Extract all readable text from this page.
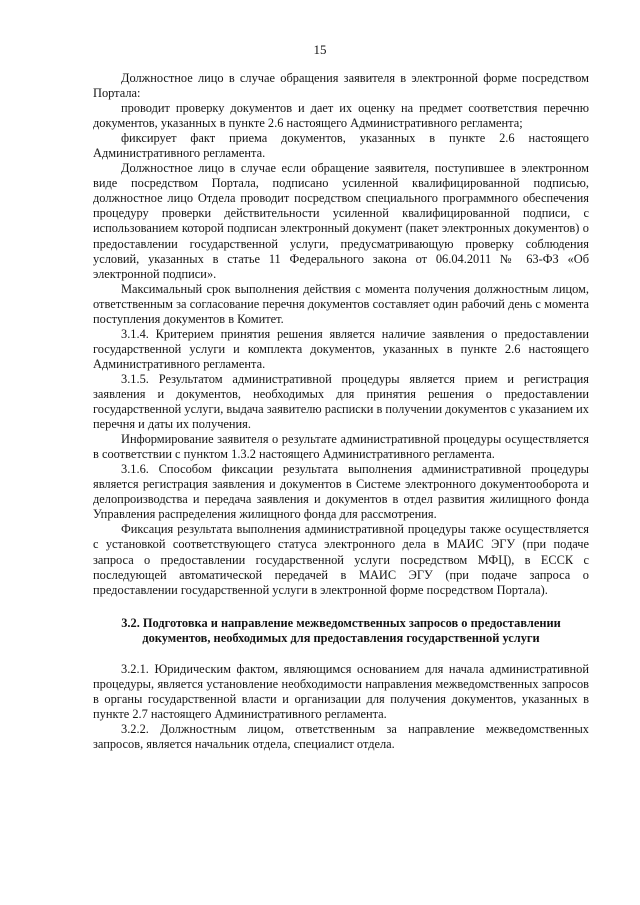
15

Должностное лицо в случае обращения заявителя в электронной форме посредством Портала:

проводит проверку документов и дает их оценку на предмет соответствия перечню документов, указанных в пункте 2.6 настоящего Административного регламента;

фиксирует факт приема документов, указанных в пункте 2.6 настоящего Административного регламента.

Должностное лицо в случае если обращение заявителя, поступившее в электронном виде посредством Портала, подписано усиленной квалифицированной подписью, должностное лицо Отдела проводит посредством специального программного обеспечения процедуру проверки действительности усиленной квалифицированной подписи, с использованием которой подписан электронный документ (пакет электронных документов) о предоставлении государственной услуги, предусматривающую проверку соблюдения условий, указанных в статье 11 Федерального закона от 06.04.2011 № 63-ФЗ «Об электронной подписи».

Максимальный срок выполнения действия с момента получения должностным лицом, ответственным за согласование перечня документов составляет один рабочий день с момента поступления документов в Комитет.

3.1.4. Критерием принятия решения является наличие заявления о предоставлении государственной услуги и комплекта документов, указанных в пункте 2.6 настоящего Административного регламента.

3.1.5. Результатом административной процедуры является прием и регистрация заявления и документов, необходимых для принятия решения о предоставлении государственной услуги, выдача заявителю расписки в получении документов с указанием их перечня и даты их получения.

Информирование заявителя о результате административной процедуры осуществляется в соответствии с пунктом 1.3.2 настоящего Административного регламента.

3.1.6. Способом фиксации результата выполнения административной процедуры является регистрация заявления и документов в Системе электронного документооборота и делопроизводства и передача заявления и документов в отдел развития жилищного фонда Управления распределения жилищного фонда для рассмотрения.

Фиксация результата выполнения административной процедуры также осуществляется с установкой соответствующего статуса электронного дела в МАИС ЭГУ (при подаче запроса о предоставлении государственной услуги посредством МФЦ), в ЕССК с последующей автоматической передачей в МАИС ЭГУ (при подаче запроса о предоставлении государственной услуги в электронной форме посредством Портала).

3.2. Подготовка и направление межведомственных запросов о предоставлении документов, необходимых для предоставления государственной услуги

3.2.1. Юридическим фактом, являющимся основанием для начала административной процедуры, является установление необходимости направления межведомственных запросов в органы государственной власти и организации для получения документов, указанных в пункте 2.7 настоящего Административного регламента.

3.2.2. Должностным лицом, ответственным за направление межведомственных запросов, является начальник отдела, специалист отдела.
